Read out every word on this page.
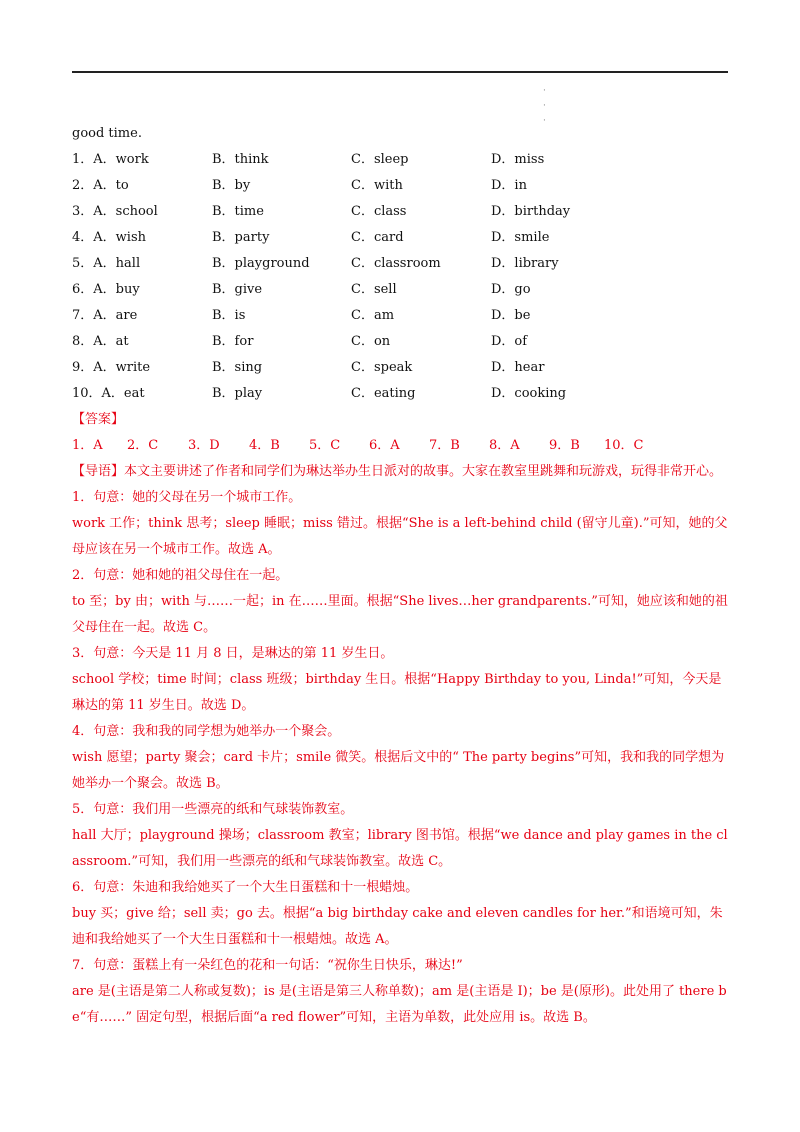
·
·
·
good time.
1．A．work	B．think	C．sleep	D．miss
2．A．to	B．by	C．with	D．in
3．A．school	B．time	C．class	D．birthday
4．A．wish	B．party	C．card	D．smile
5．A．hall	B．playground	C．classroom	D．library
6．A．buy	B．give	C．sell	D．go
7．A．are	B．is	C．am	D．be
8．A．at	B．for	C．on	D．of
9．A．write	B．sing	C．speak	D．hear
10．A．eat	B．play	C．eating	D．cooking
【答案】
1．A 2．C 3．D 4．B 5．C 6．A 7．B 8．A 9．B 10．C
【导语】本文主要讲述了作者和同学们为琳达举办生日派对的故事。大家在教室里跳舞和玩游戏，玩得非常开心。
1．句意：她的父母在另一个城市工作。
work 工作；think 思考；sleep 睡眠；miss 错过。根据“She is a left-behind child (留守儿童).”可知，她的父母应该在另一个城市工作。故选 A。
2．句意：她和她的祖父母住在一起。
to 至；by 由；with 与……一起；in 在……里面。根据“She lives…her grandparents.”可知，她应该和她的祖父母住在一起。故选 C。
3．句意：今天是 11 月 8 日，是琳达的第 11 岁生日。
school 学校；time 时间；class 班级；birthday 生日。根据“Happy Birthday to you, Linda!”可知，今天是琳达的第 11 岁生日。故选 D。
4．句意：我和我的同学想为她举办一个聚会。
wish 愿望；party 聚会；card 卡片；smile 微笑。根据后文中的“ The party begins”可知，我和我的同学想为她举办一个聚会。故选 B。
5．句意：我们用一些漂亮的纸和气球装饰教室。
hall 大厅；playground 操场；classroom 教室；library 图书馆。根据“we dance and play games in the classroom.”可知，我们用一些漂亮的纸和气球装饰教室。故选 C。
6．句意：朱迪和我给她买了一个大生日蛋糕和十一根蜡烛。
buy 买；give 给；sell 卖；go 去。根据“a big birthday cake and eleven candles for her.”和语境可知，朱迪和我给她买了一个大生日蛋糕和十一根蜡烛。故选 A。
7．句意：蛋糕上有一朵红色的花和一句话：“祝你生日快乐，琳达!”
are 是(主语是第二人称或复数)；is 是(主语是第三人称单数)；am 是(主语是 I)；be 是(原形)。此处用了 there be“有……” 固定句型，根据后面“a red flower”可知，主语为单数，此处应用 is。故选 B。
